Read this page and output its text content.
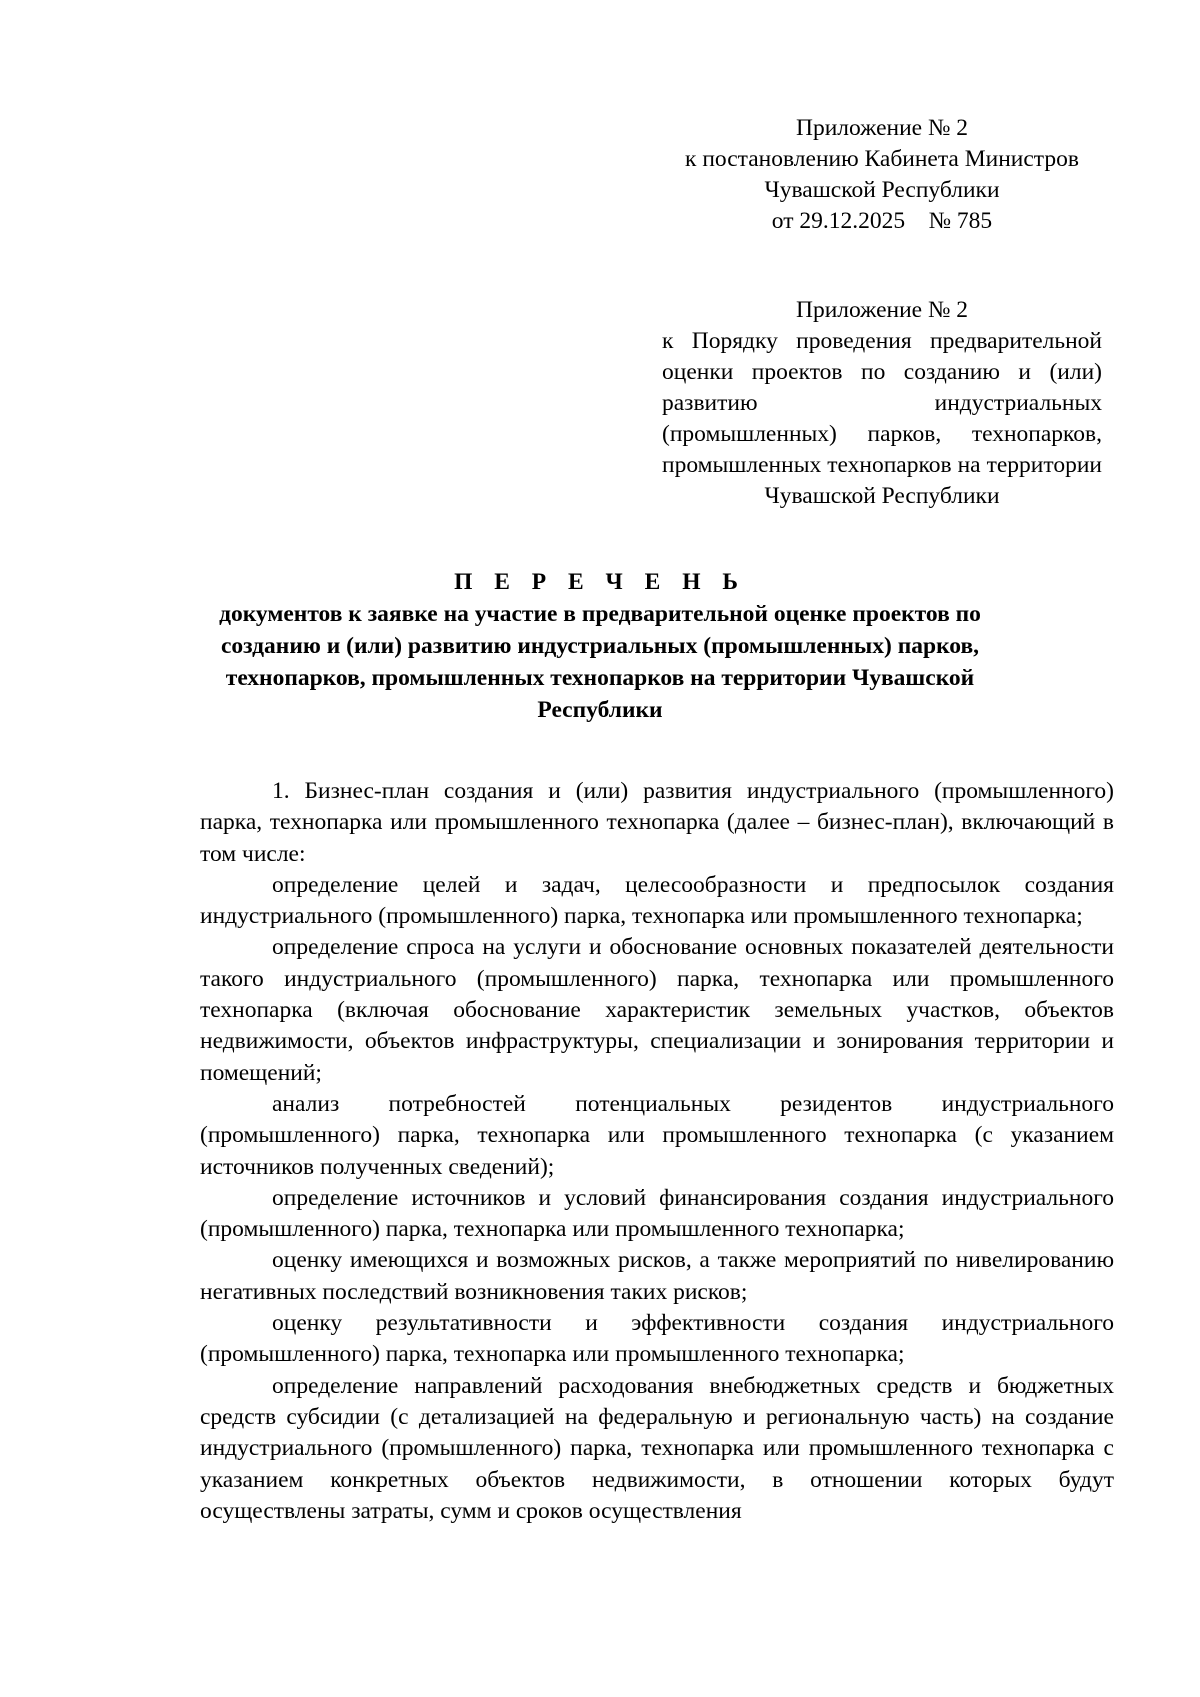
Приложение № 2
к постановлению Кабинета Министров
Чувашской Республики
от 29.12.2025    № 785
Приложение № 2
к Порядку проведения предварительной оценки проектов по созданию и (или) развитию индустриальных (промышленных) парков, технопарков, промышленных технопарков на территории Чувашской Республики
П Е Р Е Ч Е Н Ь
документов к заявке на участие в предварительной оценке проектов по созданию и (или) развитию индустриальных (промышленных) парков, технопарков, промышленных технопарков на территории Чувашской Республики

1. Бизнес-план создания и (или) развития индустриального (промышленного) парка, технопарка или промышленного технопарка (далее – бизнес-план), включающий в том числе:

определение целей и задач, целесообразности и предпосылок создания индустриального (промышленного) парка, технопарка или промышленного технопарка;

определение спроса на услуги и обоснование основных показателей деятельности такого индустриального (промышленного) парка, технопарка или промышленного технопарка (включая обоснование характеристик земельных участков, объектов недвижимости, объектов инфраструктуры, специализации и зонирования территории и помещений;

анализ потребностей потенциальных резидентов индустриального (промышленного) парка, технопарка или промышленного технопарка (с указанием источников полученных сведений);

определение источников и условий финансирования создания индустриального (промышленного) парка, технопарка или промышленного технопарка;

оценку имеющихся и возможных рисков, а также мероприятий по нивелированию негативных последствий возникновения таких рисков;

оценку результативности и эффективности создания индустриального (промышленного) парка, технопарка или промышленного технопарка;

определение направлений расходования внебюджетных средств и бюджетных средств субсидии (с детализацией на федеральную и региональную часть) на создание индустриального (промышленного) парка, технопарка или промышленного технопарка с указанием конкретных объектов недвижимости, в отношении которых будут осуществлены затраты, сумм и сроков осуществления
